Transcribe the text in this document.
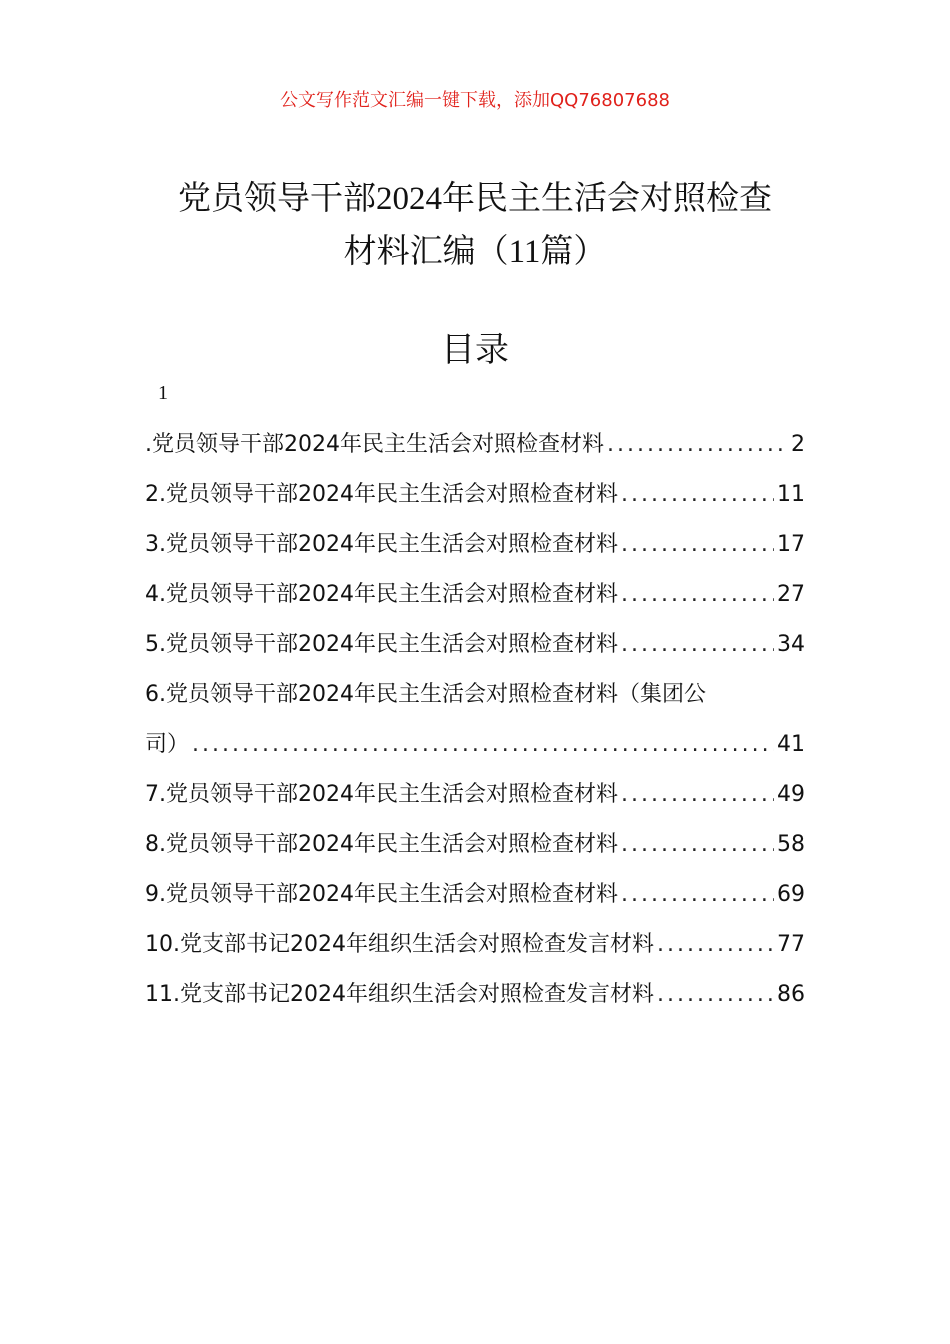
公文写作范文汇编一键下载，添加QQ76807688
党员领导干部2024年民主生活会对照检查
材料汇编（11篇）
目录
1
.党员领导干部2024年民主生活会对照检查材料 .....	2
2.党员领导干部2024年民主生活会对照检查材料 .....	11
3.党员领导干部2024年民主生活会对照检查材料 .....	17
4.党员领导干部2024年民主生活会对照检查材料 .....	27
5.党员领导干部2024年民主生活会对照检查材料 .....	34
6.党员领导干部2024年民主生活会对照检查材料（集团公
司） .....	41
7.党员领导干部2024年民主生活会对照检查材料 .....	49
8.党员领导干部2024年民主生活会对照检查材料 .....	58
9.党员领导干部2024年民主生活会对照检查材料 .....	69
10.党支部书记2024年组织生活会对照检查发言材料 .....	77
11.党支部书记2024年组织生活会对照检查发言材料 .....	86
